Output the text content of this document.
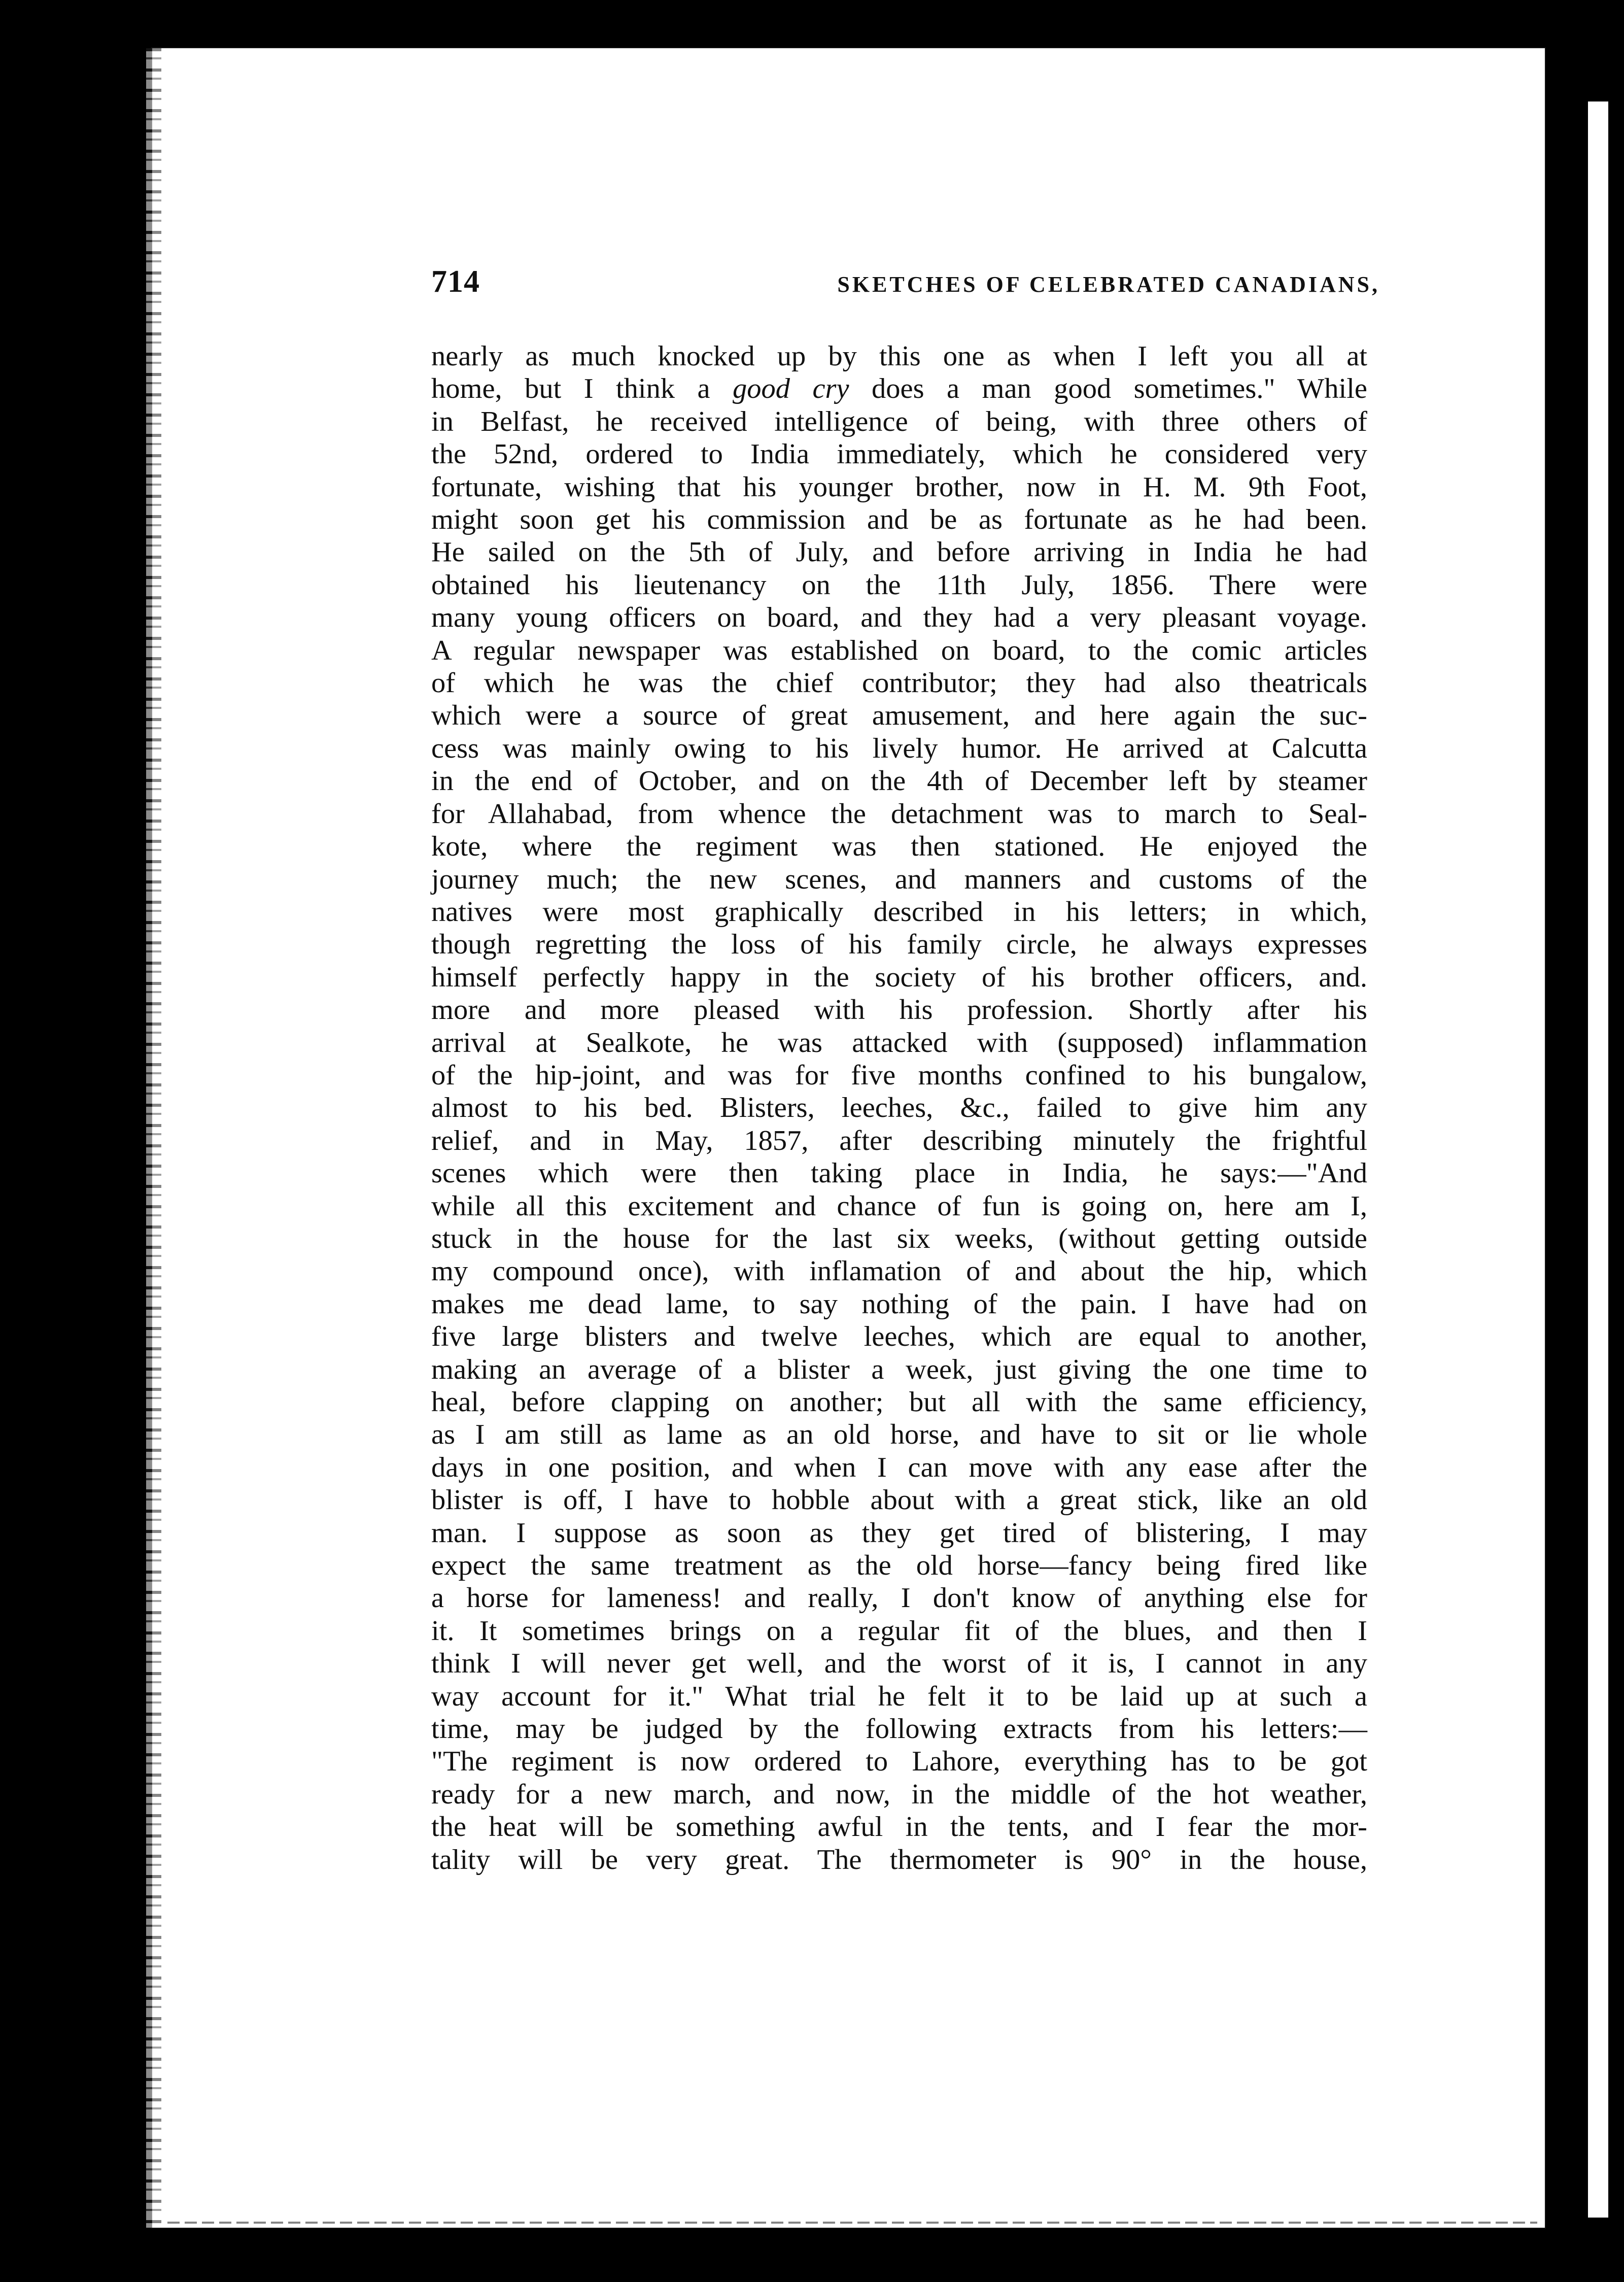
714	SKETCHES OF CELEBRATED CANADIANS,
nearly as much knocked up by this one as when I left you all at
home, but I think a good cry does a man good sometimes." While
in Belfast, he received intelligence of being, with three others of
the 52nd, ordered to India immediately, which he considered very
fortunate, wishing that his younger brother, now in H. M. 9th Foot,
might soon get his commission and be as fortunate as he had been.
He sailed on the 5th of July, and before arriving in India he had
obtained his lieutenancy on the 11th July, 1856. There were
many young officers on board, and they had a very pleasant voyage.
A regular newspaper was established on board, to the comic articles
of which he was the chief contributor; they had also theatricals
which were a source of great amusement, and here again the suc-
cess was mainly owing to his lively humor. He arrived at Calcutta
in the end of October, and on the 4th of December left by steamer
for Allahabad, from whence the detachment was to march to Seal-
kote, where the regiment was then stationed. He enjoyed the
journey much; the new scenes, and manners and customs of the
natives were most graphically described in his letters; in which,
though regretting the loss of his family circle, he always expresses
himself perfectly happy in the society of his brother officers, and.
more and more pleased with his profession. Shortly after his
arrival at Sealkote, he was attacked with (supposed) inflammation
of the hip-joint, and was for five months confined to his bungalow,
almost to his bed. Blisters, leeches, &c., failed to give him any
relief, and in May, 1857, after describing minutely the frightful
scenes which were then taking place in India, he says:—"And
while all this excitement and chance of fun is going on, here am I,
stuck in the house for the last six weeks, (without getting outside
my compound once), with inflamation of and about the hip, which
makes me dead lame, to say nothing of the pain. I have had on
five large blisters and twelve leeches, which are equal to another,
making an average of a blister a week, just giving the one time to
heal, before clapping on another; but all with the same efficiency,
as I am still as lame as an old horse, and have to sit or lie whole
days in one position, and when I can move with any ease after the
blister is off, I have to hobble about with a great stick, like an old
man. I suppose as soon as they get tired of blistering, I may
expect the same treatment as the old horse—fancy being fired like
a horse for lameness! and really, I don't know of anything else for
it. It sometimes brings on a regular fit of the blues, and then I
think I will never get well, and the worst of it is, I cannot in any
way account for it." What trial he felt it to be laid up at such a
time, may be judged by the following extracts from his letters:—
"The regiment is now ordered to Lahore, everything has to be got
ready for a new march, and now, in the middle of the hot weather,
the heat will be something awful in the tents, and I fear the mor-
tality will be very great. The thermometer is 90° in the house,
